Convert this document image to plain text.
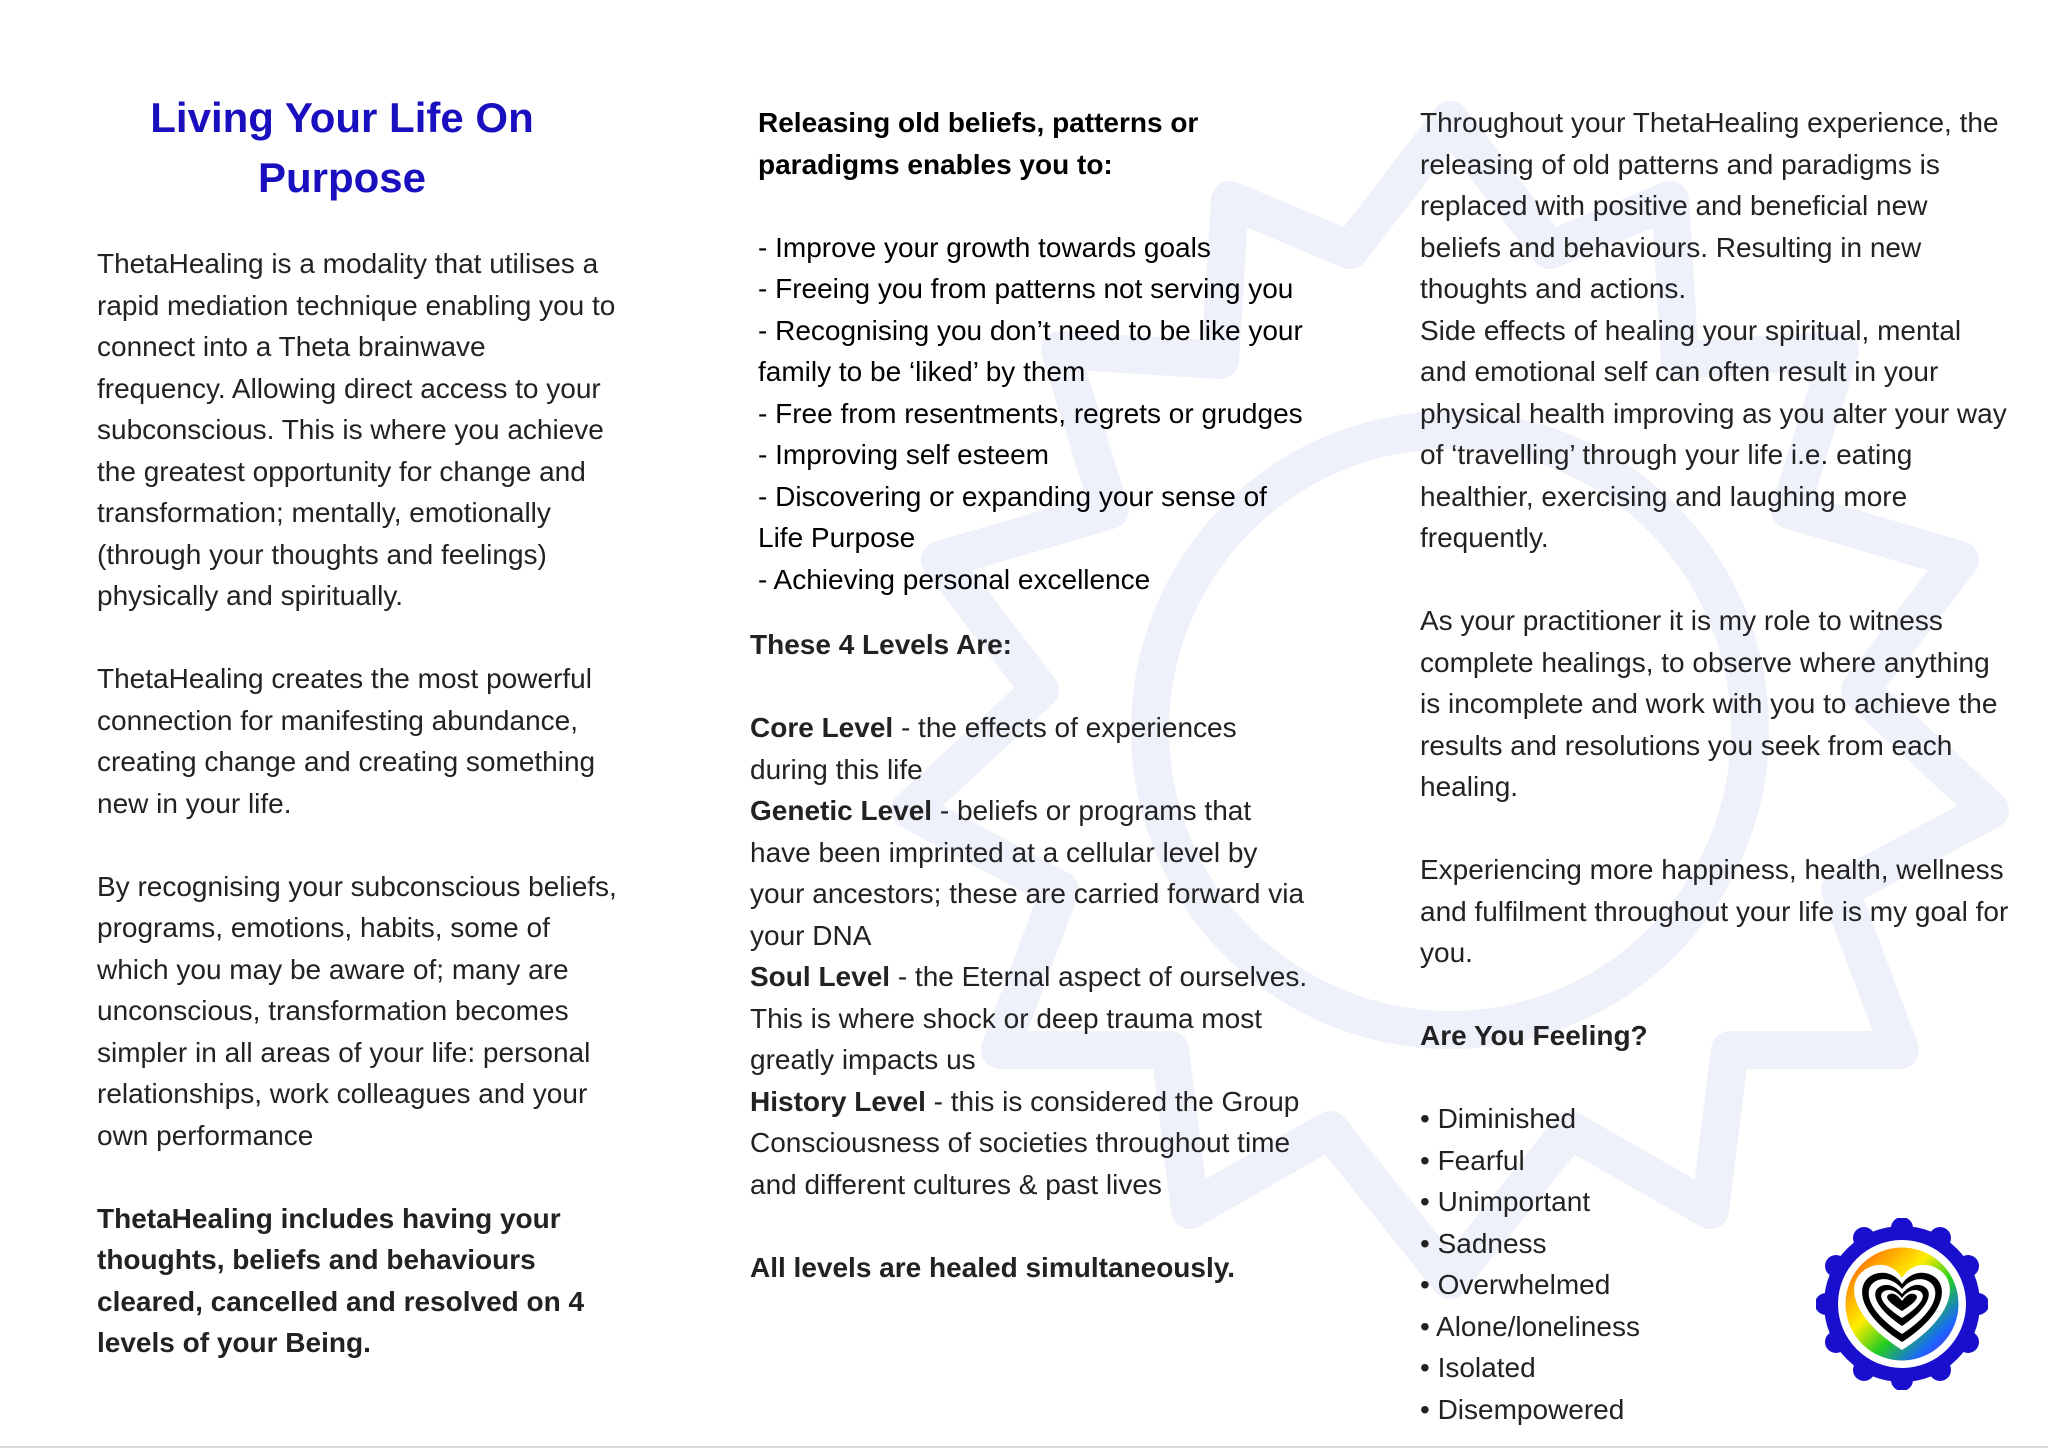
Living Your Life On Purpose

ThetaHealing is a modality that utilises a rapid mediation technique enabling you to connect into a Theta brainwave frequency. Allowing direct access to your subconscious. This is where you achieve the greatest opportunity for change and transformation; mentally, emotionally (through your thoughts and feelings) physically and spiritually.

ThetaHealing creates the most powerful connection for manifesting abundance, creating change and creating something new in your life.

By recognising your subconscious beliefs, programs, emotions, habits, some of which you may be aware of; many are unconscious, transformation becomes simpler in all areas of your life: personal relationships, work colleagues and your own performance

ThetaHealing includes having your thoughts, beliefs and behaviours cleared, cancelled and resolved on 4 levels of your Being.

Releasing old beliefs, patterns or paradigms enables you to:

- Improve your growth towards goals
- Freeing you from patterns not serving you
- Recognising you don’t need to be like your family to be ‘liked’ by them
- Free from resentments, regrets or grudges
- Improving self esteem
- Discovering or expanding your sense of Life Purpose
- Achieving personal excellence

These 4 Levels Are:

Core Level - the effects of experiences during this life

Genetic Level - beliefs or programs that have been imprinted at a cellular level by your ancestors; these are carried forward via your DNA

Soul Level - the Eternal aspect of ourselves. This is where shock or deep trauma most greatly impacts us

History Level - this is considered the Group Consciousness of societies throughout time and different cultures & past lives

All levels are healed simultaneously.

Throughout your ThetaHealing experience, the releasing of old patterns and paradigms is replaced with positive and beneficial new beliefs and behaviours. Resulting in new thoughts and actions.

Side effects of healing your spiritual, mental and emotional self can often result in your physical health improving as you alter your way of ‘travelling’ through your life i.e. eating healthier, exercising and laughing more frequently.

As your practitioner it is my role to witness complete healings, to observe where anything is incomplete and work with you to achieve the results and resolutions you seek from each healing.

Experiencing more happiness, health, wellness and fulfilment throughout your life is my goal for you.

Are You Feeling?

• Diminished
• Fearful
• Unimportant
• Sadness
• Overwhelmed
• Alone/loneliness
• Isolated
• Disempowered
